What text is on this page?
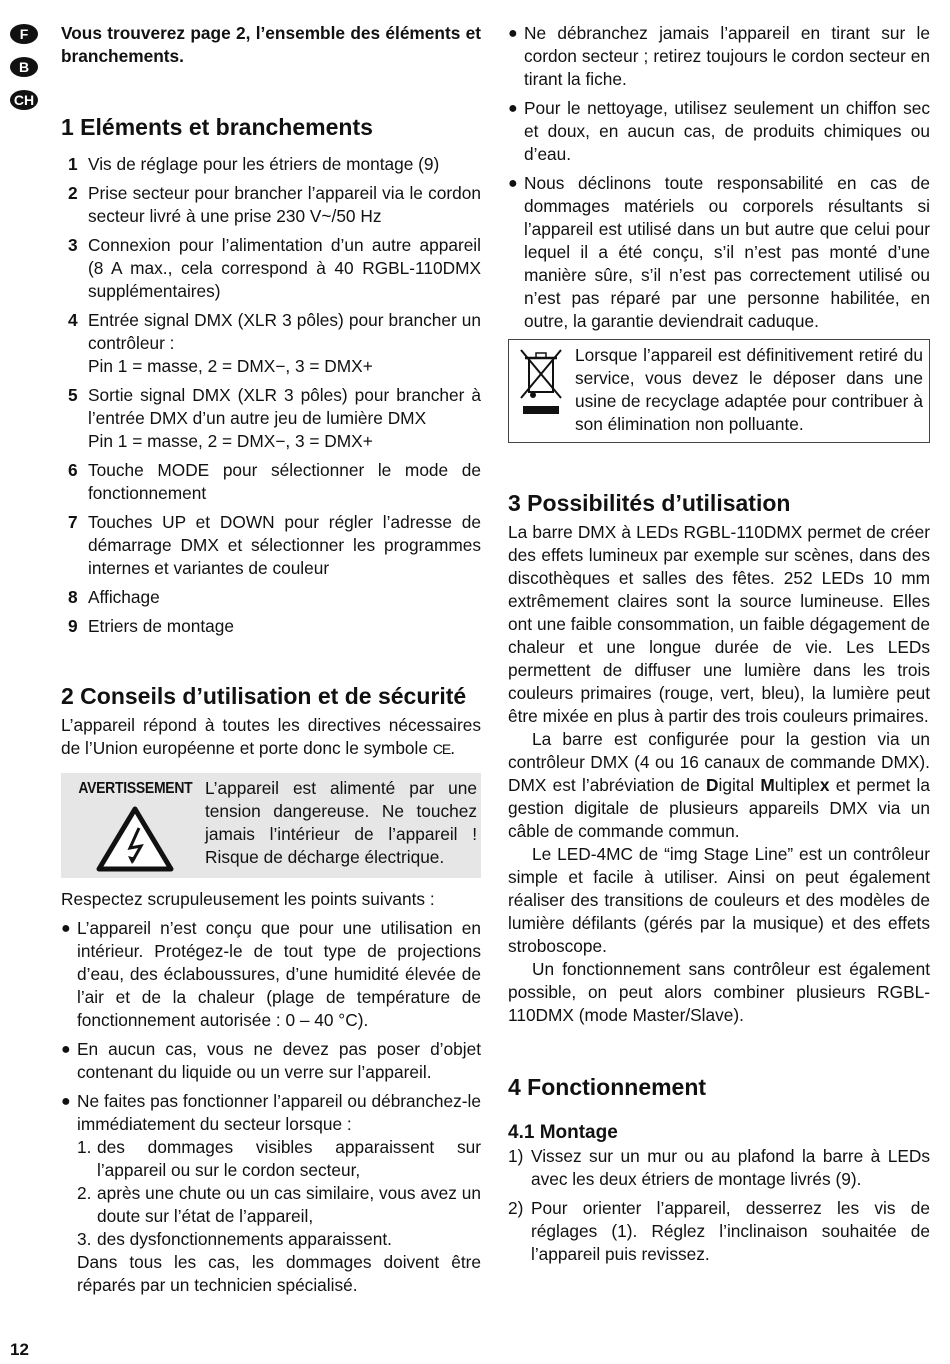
F
B
CH

Vous trouverez page 2, l’ensemble des éléments et branchements.

1 Eléments et branchements
1 Vis de réglage pour les étriers de montage (9)
2 Prise secteur pour brancher l’appareil via le cordon secteur livré à une prise 230 V~/50 Hz
3 Connexion pour l’alimentation d’un autre appareil (8 A max., cela correspond à 40 RGBL-110DMX supplémentaires)
4 Entrée signal DMX (XLR 3 pôles) pour brancher un contrôleur :
Pin 1 = masse, 2 = DMX−, 3 = DMX+
5 Sortie signal DMX (XLR 3 pôles) pour brancher à l’entrée DMX d’un autre jeu de lumière DMX
Pin 1 = masse, 2 = DMX−, 3 = DMX+
6 Touche MODE pour sélectionner le mode de fonctionnement
7 Touches UP et DOWN pour régler l’adresse de démarrage DMX et sélectionner les programmes internes et variantes de couleur
8 Affichage
9 Etriers de montage
2 Conseils d’utilisation et de sécurité

L’appareil répond à toutes les directives nécessaires de l’Union européenne et porte donc le symbole CE.

AVERTISSEMENT L’appareil est alimenté par une tension dangereuse. Ne touchez jamais l’intérieur de l’appareil ! Risque de décharge électrique.

Respectez scrupuleusement les points suivants :

● L’appareil n’est conçu que pour une utilisation en intérieur. Protégez-le de tout type de projections d’eau, des éclaboussures, d’une humidité élevée de l’air et de la chaleur (plage de température de fonctionnement autorisée : 0 – 40 °C).
● En aucun cas, vous ne devez pas poser d’objet contenant du liquide ou un verre sur l’appareil.
● Ne faites pas fonctionner l’appareil ou débranchez-le immédiatement du secteur lorsque :
1. des dommages visibles apparaissent sur l’appareil ou sur le cordon secteur,
2. après une chute ou un cas similaire, vous avez un doute sur l’état de l’appareil,
3. des dysfonctionnements apparaissent.
Dans tous les cas, les dommages doivent être réparés par un technicien spécialisé.
● Ne débranchez jamais l’appareil en tirant sur le cordon secteur ; retirez toujours le cordon secteur en tirant la fiche.
● Pour le nettoyage, utilisez seulement un chiffon sec et doux, en aucun cas, de produits chimiques ou d’eau.
● Nous déclinons toute responsabilité en cas de dommages matériels ou corporels résultants si l’appareil est utilisé dans un but autre que celui pour lequel il a été conçu, s’il n’est pas monté d’une manière sûre, s’il n’est pas correctement utilisé ou n’est pas réparé par une personne habilitée, en outre, la garantie deviendrait caduque.
Lorsque l’appareil est définitivement retiré du service, vous devez le déposer dans une usine de recyclage adaptée pour contribuer à son élimination non polluante.
3 Possibilités d’utilisation

La barre DMX à LEDs RGBL-110DMX permet de créer des effets lumineux par exemple sur scènes, dans des discothèques et salles des fêtes. 252 LEDs 10 mm extrêmement claires sont la source lumineuse. Elles ont une faible consommation, un faible dégagement de chaleur et une longue durée de vie. Les LEDs permettent de diffuser une lumière dans les trois couleurs primaires (rouge, vert, bleu), la lumière peut être mixée en plus à partir des trois couleurs primaires.

La barre est configurée pour la gestion via un contrôleur DMX (4 ou 16 canaux de commande DMX). DMX est l’abréviation de Digital Multiplex et permet la gestion digitale de plusieurs appareils DMX via un câble de commande commun.

Le LED-4MC de “img Stage Line” est un contrôleur simple et facile à utiliser. Ainsi on peut également réaliser des transitions de couleurs et des modèles de lumière défilants (gérés par la musique) et des effets stroboscope.

Un fonctionnement sans contrôleur est également possible, on peut alors combiner plusieurs RGBL-110DMX (mode Master/Slave).

4 Fonctionnement
4.1 Montage
1) Vissez sur un mur ou au plafond la barre à LEDs avec les deux étriers de montage livrés (9).
2) Pour orienter l’appareil, desserrez les vis de réglages (1). Réglez l’inclinaison souhaitée de l’appareil puis revissez.
12
